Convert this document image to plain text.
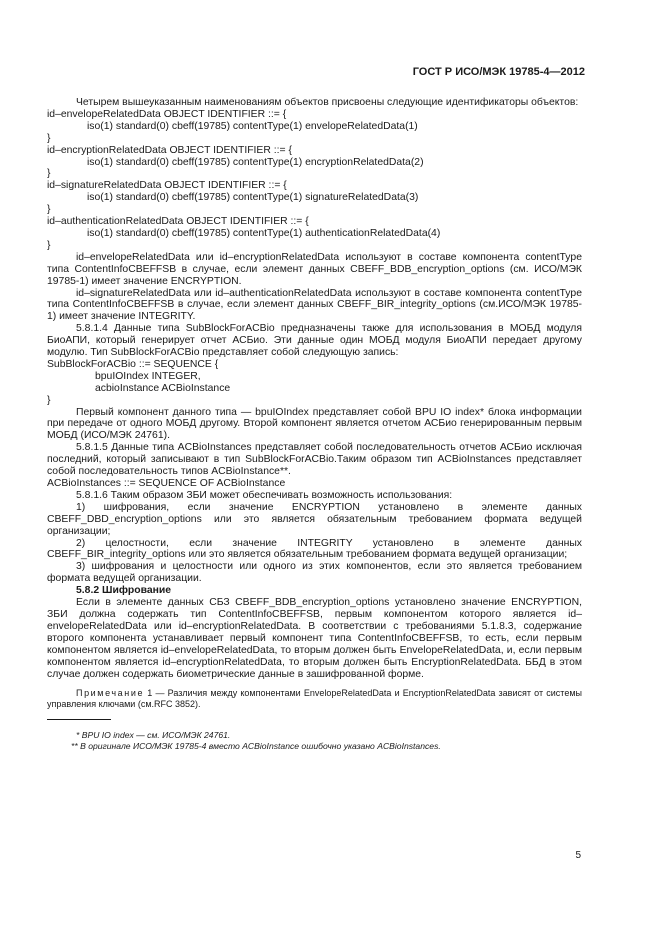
ГОСТ Р ИСО/МЭК 19785-4—2012
Четырем вышеуказанным наименованиям объектов присвоены следующие идентификаторы объектов:
id–envelopeRelatedData OBJECT IDENTIFIER ::= {
iso(1) standard(0) cbeff(19785) contentType(1) envelopeRelatedData(1)
}
id–encryptionRelatedData OBJECT IDENTIFIER ::= {
iso(1) standard(0) cbeff(19785) contentType(1) encryptionRelatedData(2)
}
id–signatureRelatedData OBJECT IDENTIFIER ::= {
iso(1) standard(0) cbeff(19785) contentType(1) signatureRelatedData(3)
}
id–authenticationRelatedData OBJECT IDENTIFIER ::= {
iso(1) standard(0) cbeff(19785) contentType(1) authenticationRelatedData(4)
}
id–envelopeRelatedData или id–encryptionRelatedData используют в составе компонента contentType типа ContentInfoCBEFFSB в случае, если элемент данных CBEFF_BDB_encryption_options (см. ИСО/МЭК 19785-1) имеет значение ENCRYPTION.
id–signatureRelatedData или id–authenticationRelatedData используют в составе компонента contentType типа ContentInfoCBEFFSB в случае, если элемент данных CBEFF_BIR_integrity_options (см.ИСО/МЭК 19785-1) имеет значение INTEGRITY.
5.8.1.4 Данные типа SubBlockForACBio предназначены также для использования в МОБД модуля БиоАПИ, который генерирует отчет АСБио. Эти данные один МОБД модуля БиоАПИ передает другому модулю. Тип SubBlockForACBio представляет собой следующую запись:
SubBlockForACBio ::= SEQUENCE {
bpuIOIndex INTEGER,
acbioInstance ACBioInstance
}
Первый компонент данного типа — bpuIOIndex представляет собой BPU IO index* блока информации при передаче от одного МОБД другому. Второй компонент является отчетом АСБио генерированным первым МОБД (ИСО/МЭК 24761).
5.8.1.5 Данные типа ACBioInstances представляет собой последовательность отчетов АСБио исключая последний, который записывают в тип SubBlockForACBio.Таким образом тип ACBioInstances представляет собой последовательность типов ACBioInstance**.
ACBioInstances ::= SEQUENCE OF ACBioInstance
5.8.1.6 Таким образом ЗБИ может обеспечивать возможность использования:
1) шифрования, если значение ENCRYPTION установлено в элементе данных CBEFF_DBD_encryption_options или это является обязательным требованием формата ведущей организации;
2) целостности, если значение INTEGRITY установлено в элементе данных CBEFF_BIR_integrity_options или это является обязательным требованием формата ведущей организации;
3) шифрования и целостности или одного из этих компонентов, если это является требованием формата ведущей организации.
5.8.2 Шифрование
Если в элементе данных СБЗ CBEFF_BDB_encryption_options установлено значение ENCRYPTION, ЗБИ должна содержать тип ContentInfoCBEFFSB, первым компонентом которого является id–envelopeRelatedData или id–encryptionRelatedData. В соответствии с требованиями 5.1.8.3, содержание второго компонента устанавливает первый компонент типа ContentInfoCBEFFSB, то есть, если первым компонентом является id–envelopeRelatedData, то вторым должен быть EnvelopeRelatedData, и, если первым компонентом является id–encryptionRelatedData, то вторым должен быть EncryptionRelatedData. ББД в этом случае должен содержать биометрические данные в зашифрованной форме.
Примечание 1 — Различия между компонентами EnvelopeRelatedData и EncryptionRelatedData зависят от системы управления ключами (см.RFC 3852).
* BPU IO index — см. ИСО/МЭК 24761.
** В оригинале ИСО/МЭК 19785-4 вместо ACBioInstance ошибочно указано ACBioInstances.
5
